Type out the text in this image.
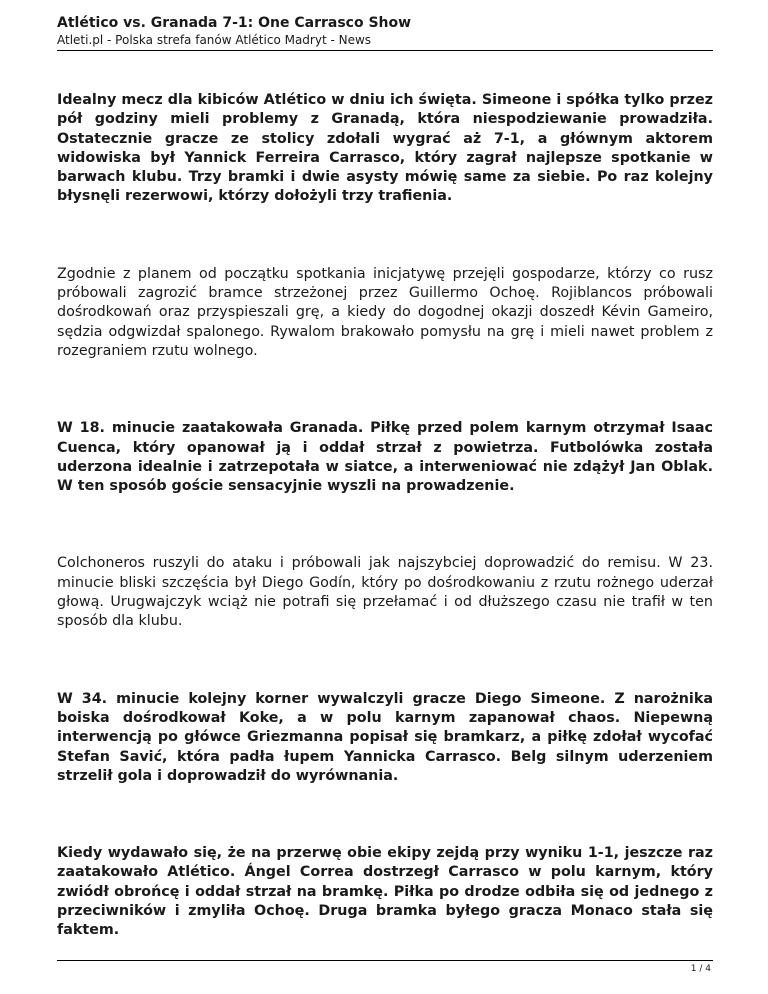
Atlético vs. Granada 7-1: One Carrasco Show

Atleti.pl - Polska strefa fanów Atlético Madryt - News

Idealny mecz dla kibiców Atlético w dniu ich święta. Simeone i spółka tylko przez pół godziny mieli problemy z Granadą, która niespodziewanie prowadziła. Ostatecznie gracze ze stolicy zdołali wygrać aż 7-1, a głównym aktorem widowiska był Yannick Ferreira Carrasco, który zagrał najlepsze spotkanie w barwach klubu. Trzy bramki i dwie asysty mówię same za siebie. Po raz kolejny błysnęli rezerwowi, którzy dołożyli trzy trafienia.

Zgodnie z planem od początku spotkania inicjatywę przejęli gospodarze, którzy co rusz próbowali zagrozić bramce strzeżonej przez Guillermo Ochoę. Rojiblancos próbowali dośrodkowań oraz przyspieszali grę, a kiedy do dogodnej okazji doszedł Kévin Gameiro, sędzia odgwizdał spalonego. Rywalom brakowało pomysłu na grę i mieli nawet problem z rozegraniem rzutu wolnego.

W 18. minucie zaatakowała Granada. Piłkę przed polem karnym otrzymał Isaac Cuenca, który opanował ją i oddał strzał z powietrza. Futbolówka została uderzona idealnie i zatrzepotała w siatce, a interweniować nie zdążył Jan Oblak. W ten sposób goście sensacyjnie wyszli na prowadzenie.

Colchoneros ruszyli do ataku i próbowali jak najszybciej doprowadzić do remisu. W 23. minucie bliski szczęścia był Diego Godín, który po dośrodkowaniu z rzutu rożnego uderzał głową. Urugwajczyk wciąż nie potrafi się przełamać i od dłuższego czasu nie trafił w ten sposób dla klubu.

W 34. minucie kolejny korner wywalczyli gracze Diego Simeone. Z narożnika boiska dośrodkował Koke, a w polu karnym zapanował chaos. Niepewną interwencją po główce Griezmanna popisał się bramkarz, a piłkę zdołał wycofać Stefan Savić, która padła łupem Yannicka Carrasco. Belg silnym uderzeniem strzelił gola i doprowadził do wyrównania.

Kiedy wydawało się, że na przerwę obie ekipy zejdą przy wyniku 1-1, jeszcze raz zaatakowało Atlético. Ángel Correa dostrzegł Carrasco w polu karnym, który zwiódł obrońcę i oddał strzał na bramkę. Piłka po drodze odbiła się od jednego z przeciwników i zmyliła Ochoę. Druga bramka byłego gracza Monaco stała się faktem.

1 / 4
